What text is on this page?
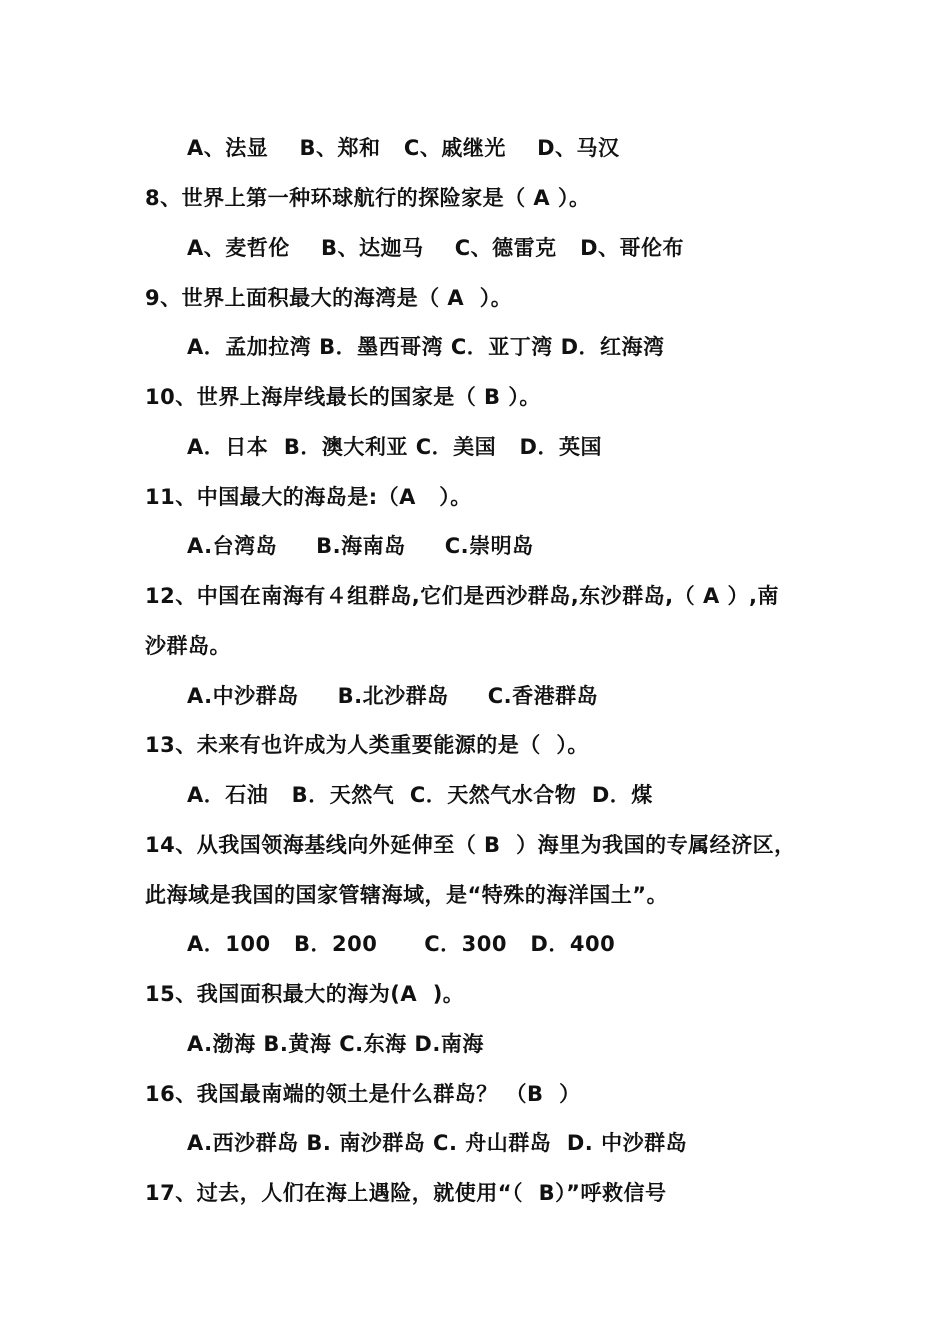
A、法显    B、郑和   C、戚继光    D、马汉
8、世界上第一种环球航行的探险家是（ A ）。
A、麦哲伦    B、达迦马    C、德雷克   D、哥伦布
9、世界上面积最大的海湾是（ A  ）。
A．孟加拉湾 B．墨西哥湾 C．亚丁湾 D．红海湾
10、世界上海岸线最长的国家是（ B ）。
A．日本  B．澳大利亚 C．美国   D．英国
11、中国最大的海岛是:（A   ）。
A.台湾岛     B.海南岛     C.崇明岛
12、中国在南海有４组群岛,它们是西沙群岛,东沙群岛,（ A ）,南
沙群岛。
A.中沙群岛     B.北沙群岛     C.香港群岛
13、未来有也许成为人类重要能源的是（  ）。
A．石油   B．天然气  C．天然气水合物  D．煤
14、从我国领海基线向外延伸至（ B  ）海里为我国的专属经济区，
此海域是我国的国家管辖海域，是“特殊的海洋国土”。
A．100   B．200      C．300   D．400
15、我国面积最大的海为(A  )。
A.渤海 B.黄海 C.东海 D.南海
16、我国最南端的领土是什么群岛？ （B  ）
A.西沙群岛 B. 南沙群岛 C. 舟山群岛  D. 中沙群岛
17、过去，人们在海上遇险，就使用“（  B）”呼救信号
